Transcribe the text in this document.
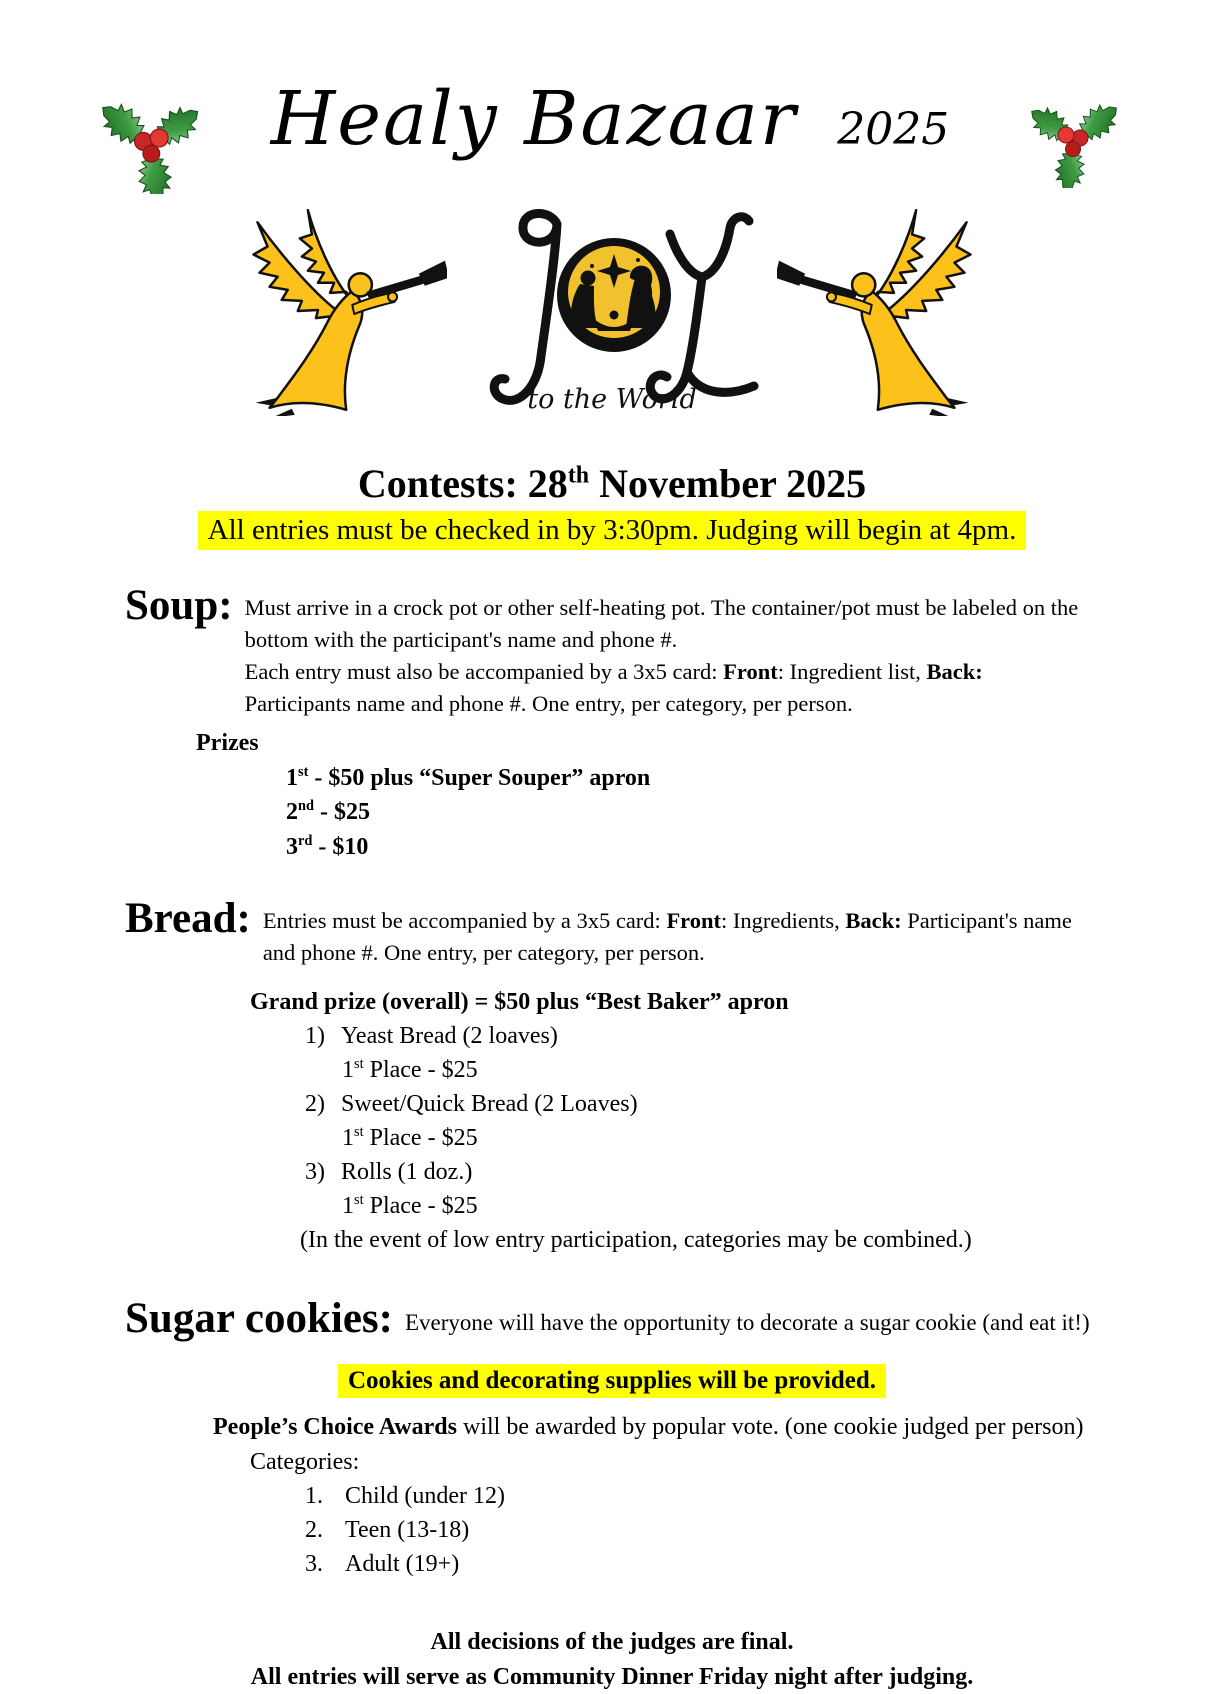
Healy Bazaar 2025
to the World
Contests: 28th November 2025
All entries must be checked in by 3:30pm. Judging will begin at 4pm.
Soup: Must arrive in a crock pot or other self-heating pot. The container/pot must be labeled on the
bottom with the participant's name and phone #.
Each entry must also be accompanied by a 3x5 card: Front: Ingredient list, Back:
Participants name and phone #. One entry, per category, per person.
Prizes
1st - $50 plus “Super Souper” apron
2nd - $25
3rd - $10
Bread: Entries must be accompanied by a 3x5 card: Front: Ingredients, Back: Participant's name
and phone #. One entry, per category, per person.
Grand prize (overall) = $50 plus “Best Baker” apron
1) Yeast Bread (2 loaves)
1st Place - $25
2) Sweet/Quick Bread (2 Loaves)
1st Place - $25
3) Rolls (1 doz.)
1st Place - $25
(In the event of low entry participation, categories may be combined.)
Sugar cookies: Everyone will have the opportunity to decorate a sugar cookie (and eat it!)
Cookies and decorating supplies will be provided.
People’s Choice Awards will be awarded by popular vote. (one cookie judged per person)
Categories:
1. Child (under 12)
2. Teen (13-18)
3. Adult (19+)
All decisions of the judges are final.
All entries will serve as Community Dinner Friday night after judging.
